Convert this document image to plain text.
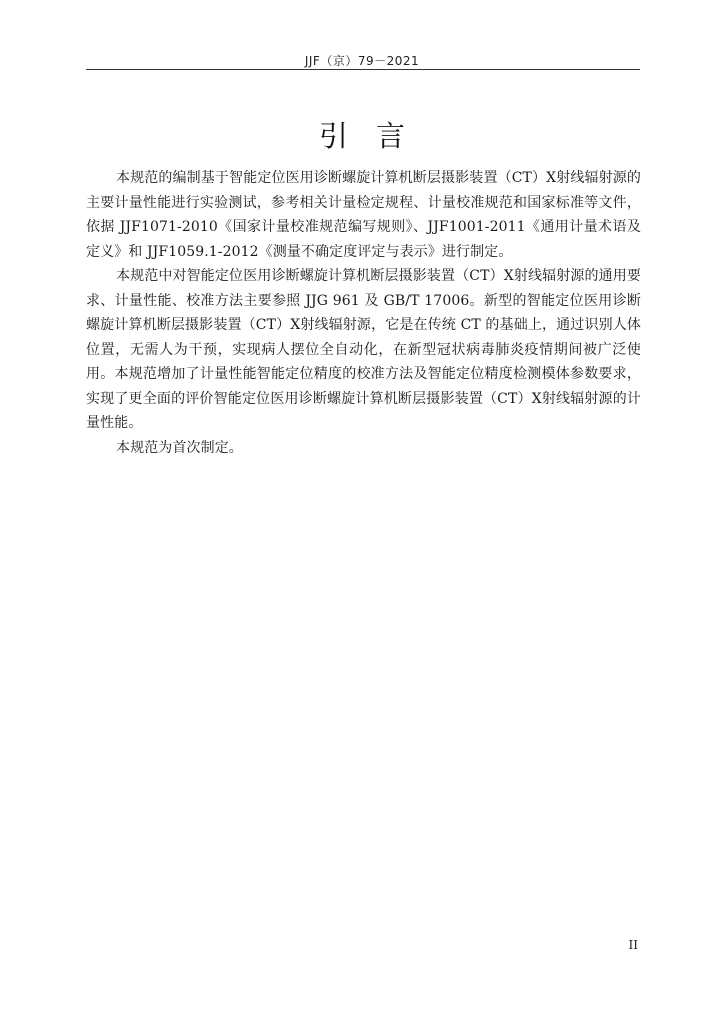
JJF（京）79－2021
引言

本规范的编制基于智能定位医用诊断螺旋计算机断层摄影装置（CT）X射线辐射源的主要计量性能进行实验测试，参考相关计量检定规程、计量校准规范和国家标准等文件，依据 JJF1071-2010《国家计量校准规范编写规则》、JJF1001-2011《通用计量术语及定义》和 JJF1059.1-2012《测量不确定度评定与表示》进行制定。

本规范中对智能定位医用诊断螺旋计算机断层摄影装置（CT）X射线辐射源的通用要求、计量性能、校准方法主要参照 JJG 961 及 GB/T 17006。新型的智能定位医用诊断螺旋计算机断层摄影装置（CT）X射线辐射源，它是在传统 CT 的基础上，通过识别人体位置，无需人为干预，实现病人摆位全自动化，在新型冠状病毒肺炎疫情期间被广泛使用。本规范增加了计量性能智能定位精度的校准方法及智能定位精度检测模体参数要求，实现了更全面的评价智能定位医用诊断螺旋计算机断层摄影装置（CT）X射线辐射源的计量性能。

本规范为首次制定。

II
